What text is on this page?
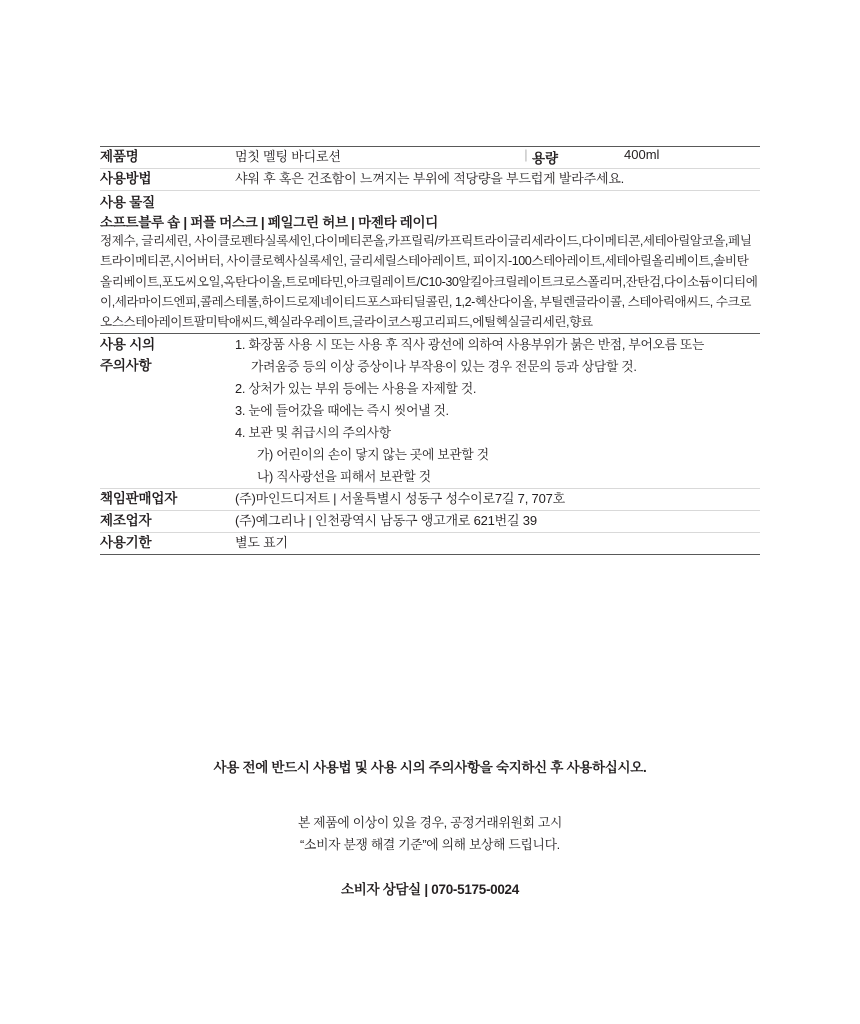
제품명	멈칫 멜팅 바디로션	|	용량	400ml
사용방법	샤워 후 혹은 건조함이 느껴지는 부위에 적당량을 부드럽게 발라주세요.			
사용 물질
소프트블루 솝 | 퍼플 머스크 | 페일그린 허브 | 마젠타 레이디
정제수, 글리세린, 사이클로펜타실록세인,다이메티콘올,카프릴릭/카프릭트라이글리세라이드,다이메티콘,세테아릴알코올,페닐트라이메티콘,시어버터, 사이클로헥사실록세인, 글리세릴스테아레이트, 피이지-100스테아레이트,세테아릴올리베이트,솔비탄올리베이트,포도씨오일,옥탄다이올,트로메타민,아크릴레이트/C10-30알킬아크릴레이트크로스폴리머,잔탄검,다이소듐이디티에이,세라마이드엔피,콜레스테롤,하이드로제네이티드포스파티딜콜린, 1,2-헥산다이올, 부틸렌글라이콜, 스테아릭애씨드, 수크로오스스테아레이트팔미탁애씨드,헥실라우레이트,글라이코스핑고리피드,에틸헥실글리세린,향료
사용 시의
주의사항

1. 화장품 사용 시 또는 사용 후 직사 광선에 의하여 사용부위가 붉은 반점, 부어오름 또는
가려움증 등의 이상 증상이나 부작용이 있는 경우 전문의 등과 상담할 것.
2. 상처가 있는 부위 등에는 사용을 자제할 것.
3. 눈에 들어갔을 때에는 즉시 씻어낼 것.
4. 보관 및 취급시의 주의사항
가) 어린이의 손이 닿지 않는 곳에 보관할 것
나) 직사광선을 피해서 보관할 것
책임판매업자	(주)마인드디저트 | 서울특별시 성동구 성수이로7길 7, 707호
제조업자	(주)예그리나 | 인천광역시 남동구 앵고개로 621번길 39
사용기한	별도 표기
사용 전에 반드시 사용법 및 사용 시의 주의사항을 숙지하신 후 사용하십시오.
본 제품에 이상이 있을 경우, 공정거래위원회 고시
“소비자 분쟁 해결 기준”에 의해 보상해 드립니다.
소비자 상담실 | 070-5175-0024
